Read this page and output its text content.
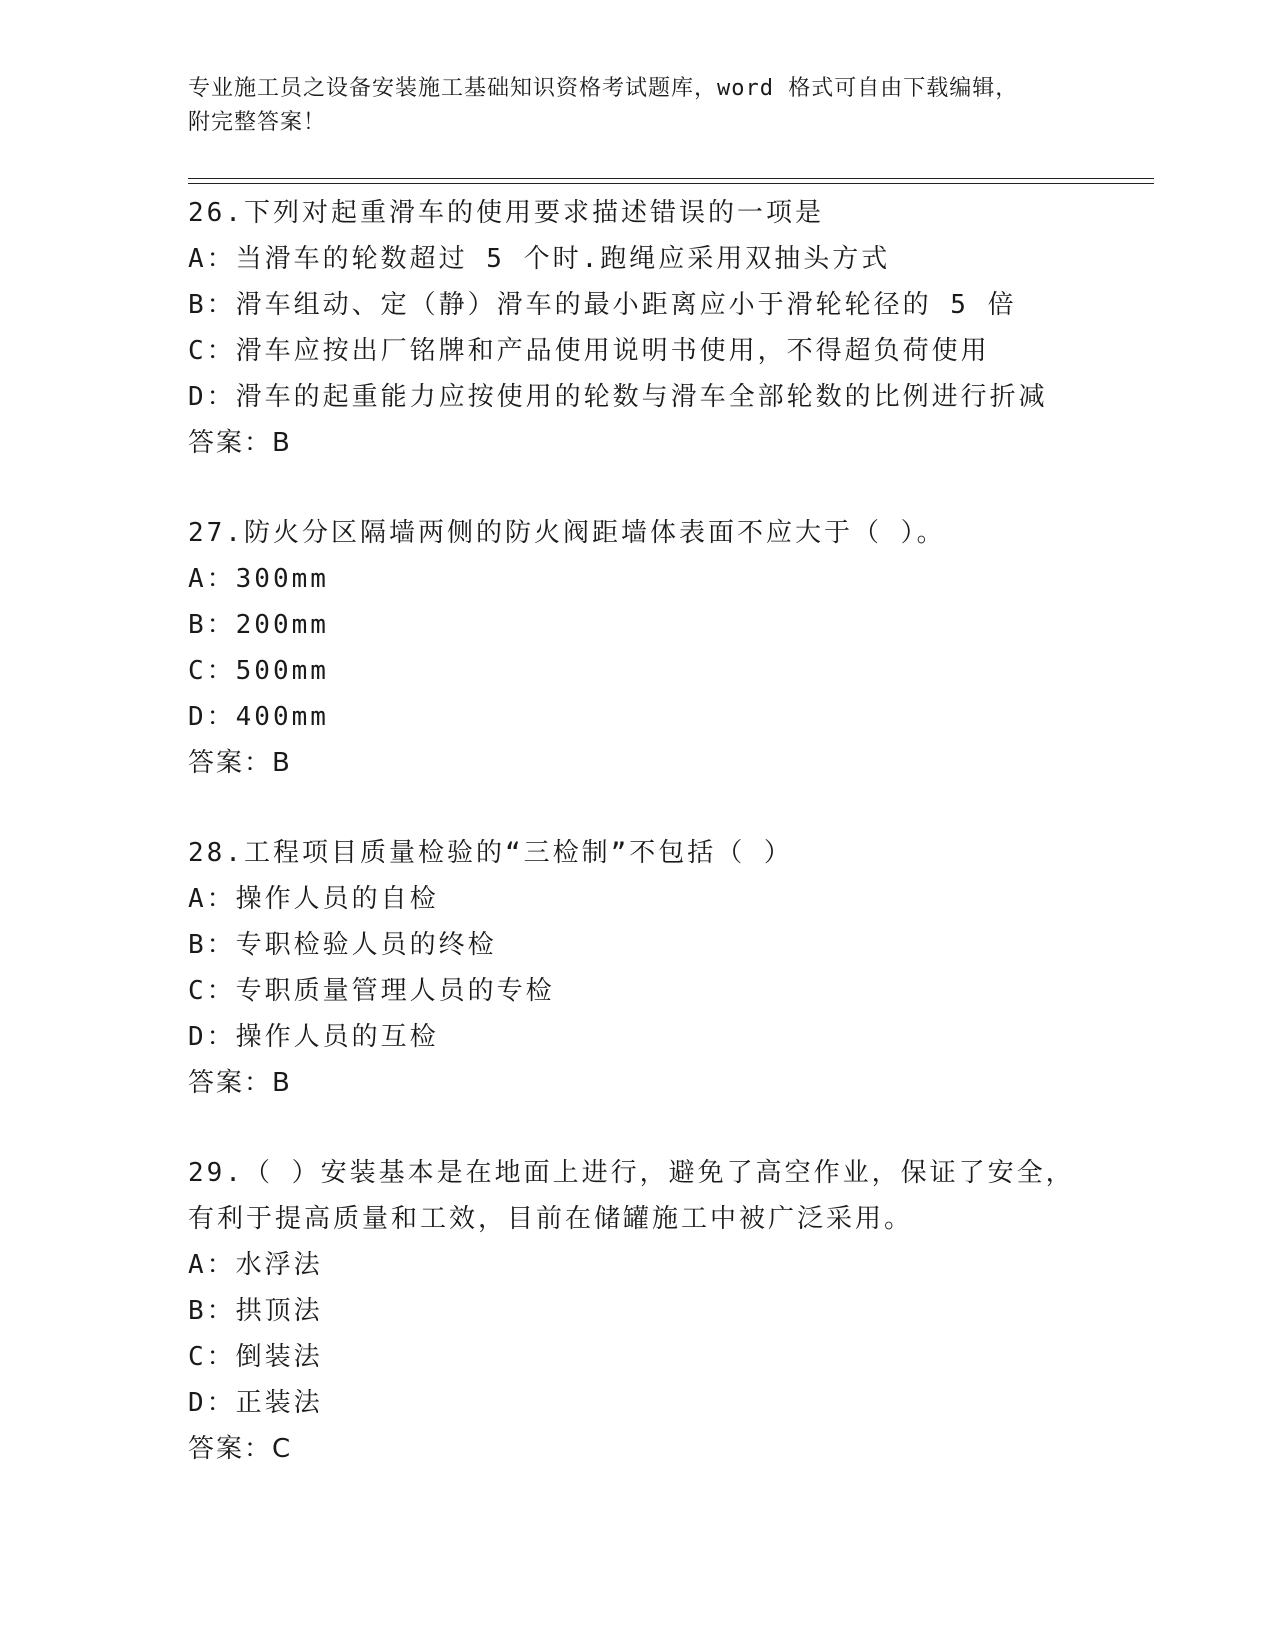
专业施工员之设备安装施工基础知识资格考试题库，word 格式可自由下载编辑，
附完整答案！
26.下列对起重滑车的使用要求描述错误的一项是
A：当滑车的轮数超过 5 个时.跑绳应采用双抽头方式
B：滑车组动、定（静）滑车的最小距离应小于滑轮轮径的 5 倍
C：滑车应按出厂铭牌和产品使用说明书使用，不得超负荷使用
D：滑车的起重能力应按使用的轮数与滑车全部轮数的比例进行折减
答案：B
27.防火分区隔墙两侧的防火阀距墙体表面不应大于（ ）。
A：300mm
B：200mm
C：500mm
D：400mm
答案：B
28.工程项目质量检验的“三检制”不包括（ ）
A：操作人员的自检
B：专职检验人员的终检
C：专职质量管理人员的专检
D：操作人员的互检
答案：B
29.（ ）安装基本是在地面上进行，避免了高空作业，保证了安全，
有利于提高质量和工效，目前在储罐施工中被广泛采用。
A：水浮法
B：拱顶法
C：倒装法
D：正装法
答案：C
